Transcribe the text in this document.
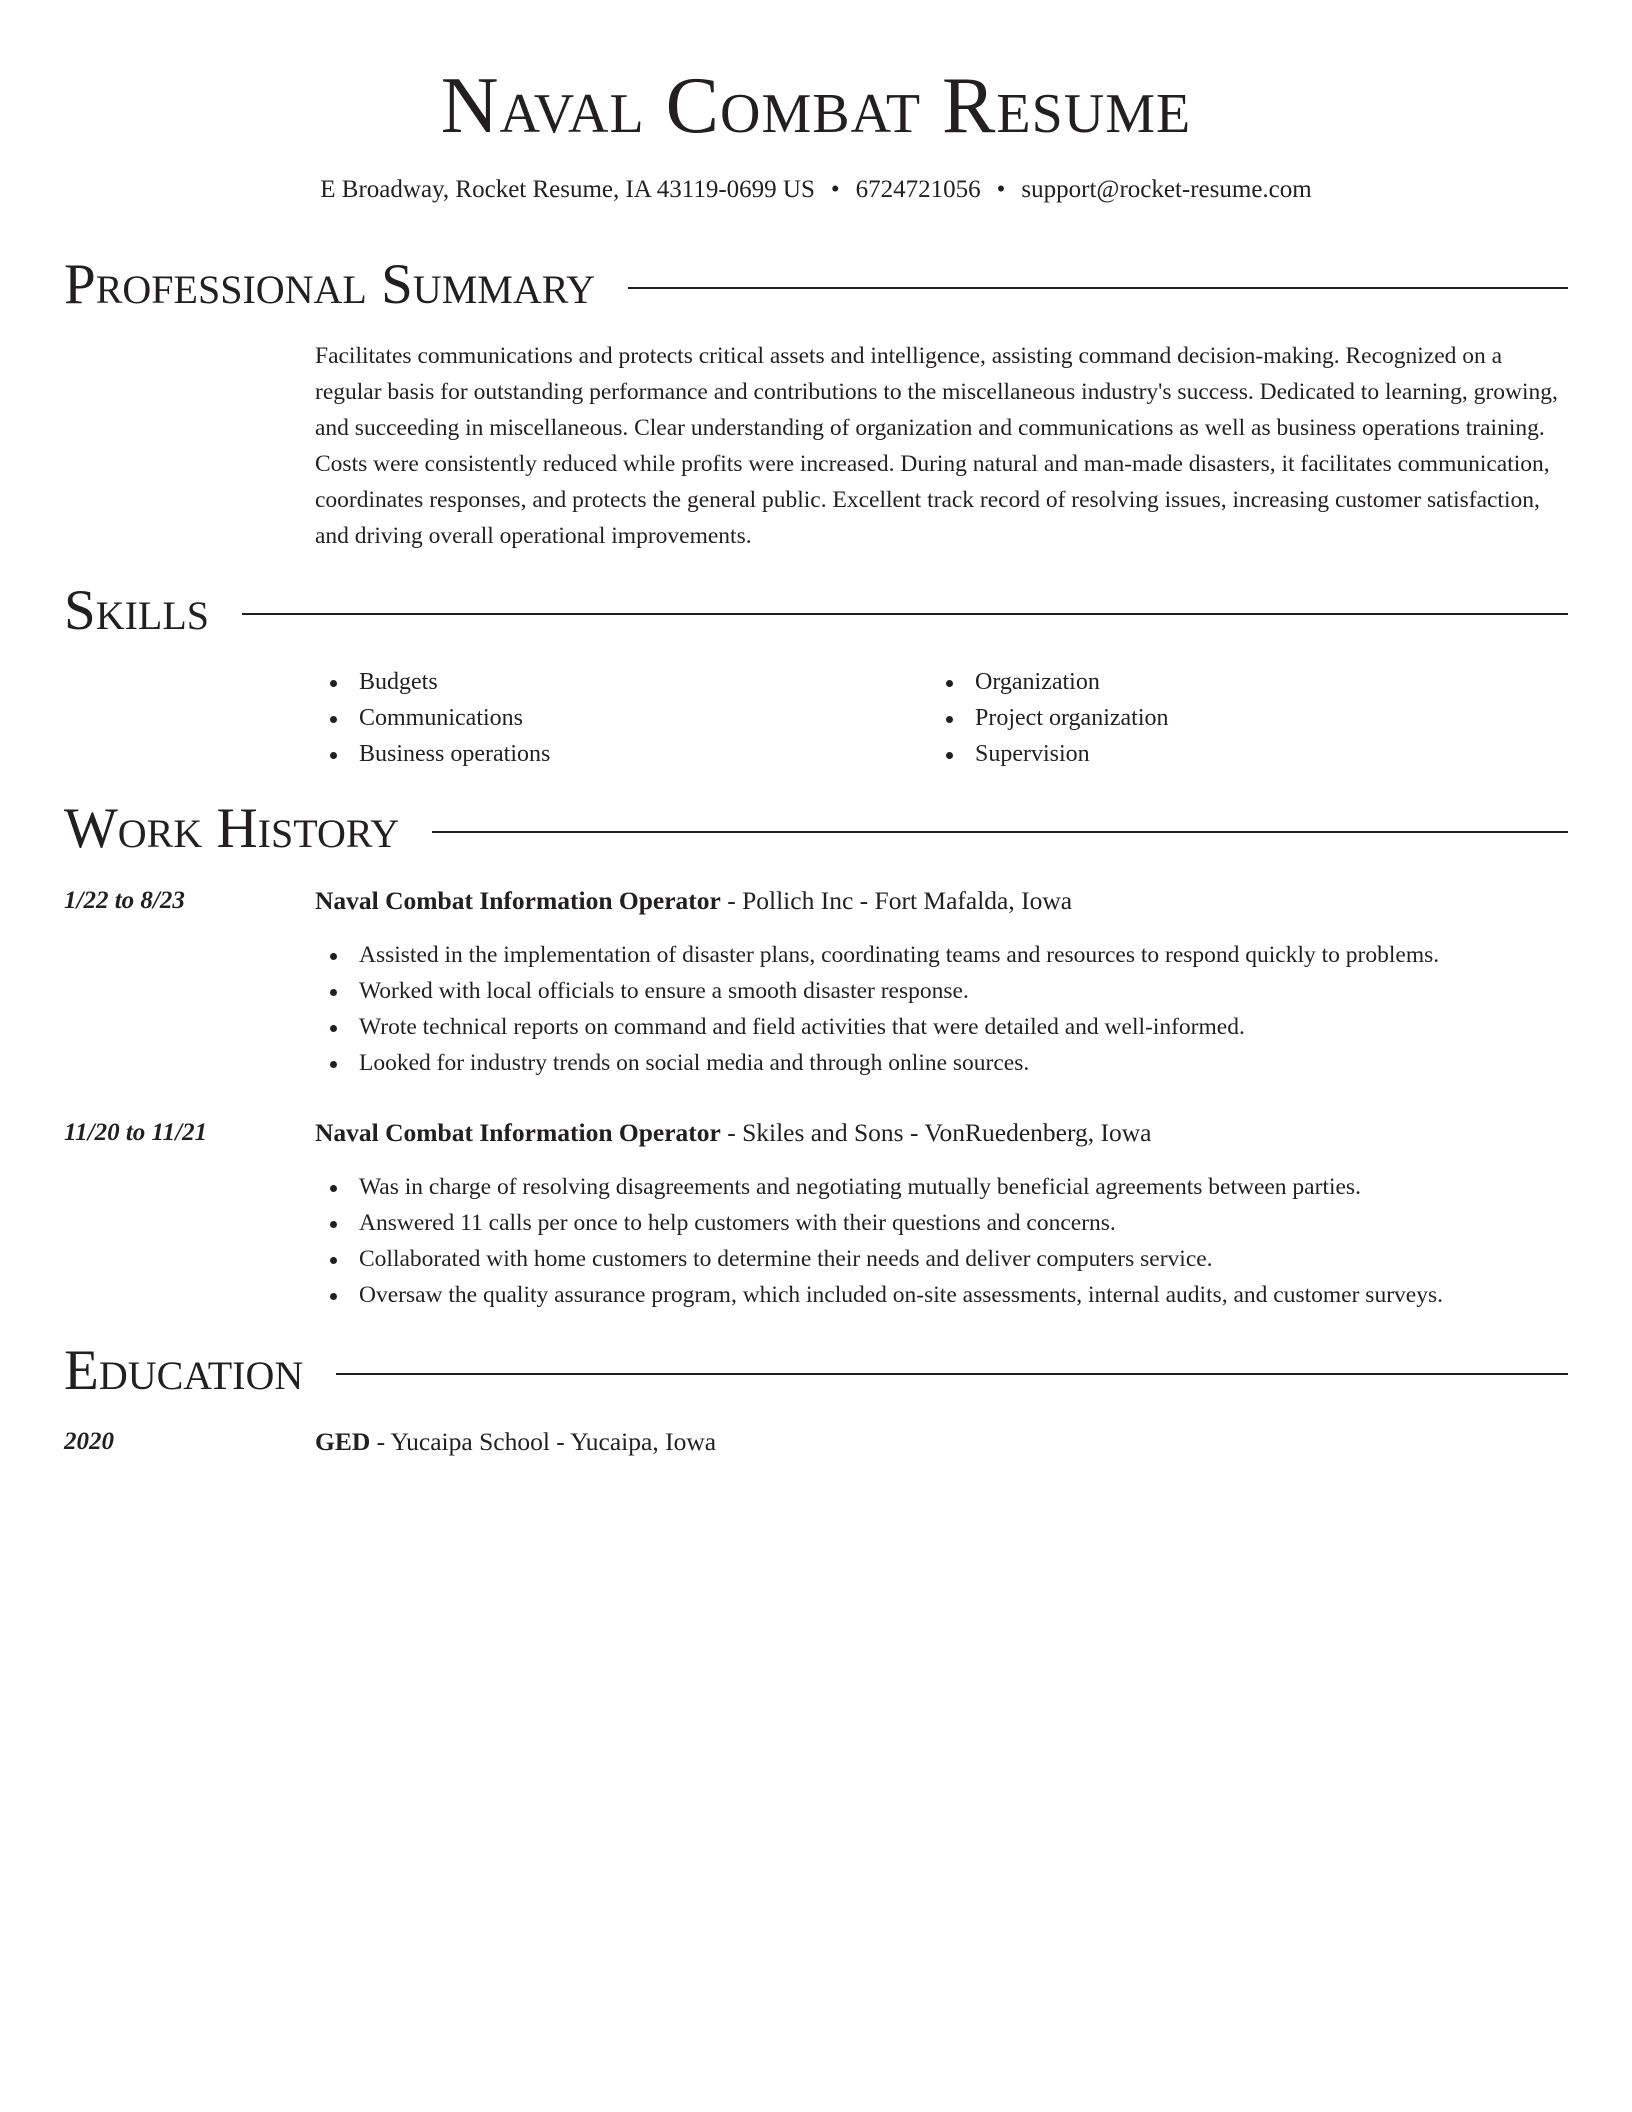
Naval Combat Resume
E Broadway, Rocket Resume, IA 43119-0699 US • 6724721056 • support@rocket-resume.com
Professional Summary

Facilitates communications and protects critical assets and intelligence, assisting command decision-making. Recognized on a regular basis for outstanding performance and contributions to the miscellaneous industry's success. Dedicated to learning, growing, and succeeding in miscellaneous. Clear understanding of organization and communications as well as business operations training. Costs were consistently reduced while profits were increased. During natural and man-made disasters, it facilitates communication, coordinates responses, and protects the general public. Excellent track record of resolving issues, increasing customer satisfaction, and driving overall operational improvements.

Skills
Budgets
Communications
Business operations
Organization
Project organization
Supervision
Work History
1/22 to 8/23	Naval Combat Information Operator - Pollich Inc - Fort Mafalda, Iowa
Assisted in the implementation of disaster plans, coordinating teams and resources to respond quickly to problems.
Worked with local officials to ensure a smooth disaster response.
Wrote technical reports on command and field activities that were detailed and well-informed.
Looked for industry trends on social media and through online sources.
11/20 to 11/21	Naval Combat Information Operator - Skiles and Sons - VonRuedenberg, Iowa
Was in charge of resolving disagreements and negotiating mutually beneficial agreements between parties.
Answered 11 calls per once to help customers with their questions and concerns.
Collaborated with home customers to determine their needs and deliver computers service.
Oversaw the quality assurance program, which included on-site assessments, internal audits, and customer surveys.
Education
2020	GED - Yucaipa School - Yucaipa, Iowa
